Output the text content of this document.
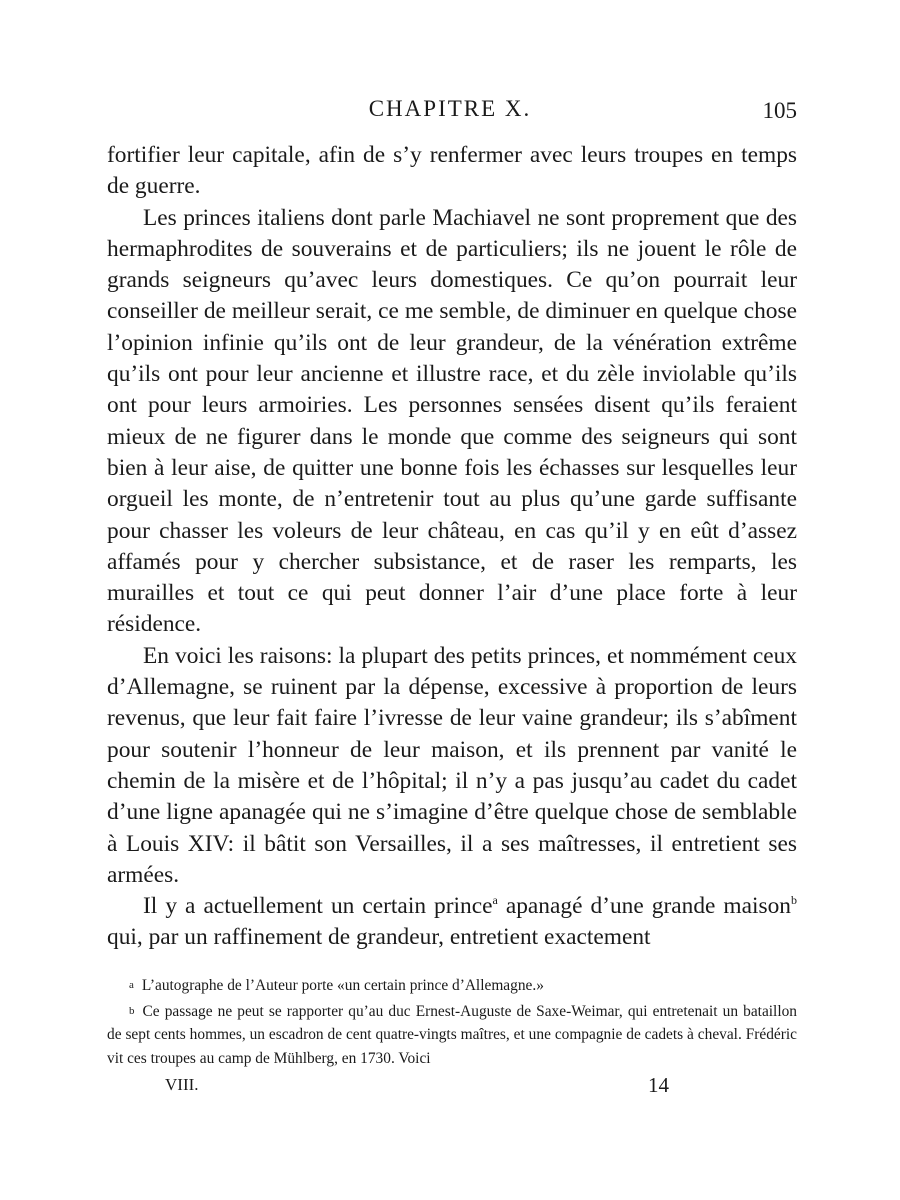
CHAPITRE X.	105

fortifier leur capitale, afin de s’y renfermer avec leurs troupes en temps de guerre.

Les princes italiens dont parle Machiavel ne sont proprement que des hermaphrodites de souverains et de particuliers; ils ne jouent le rôle de grands seigneurs qu’avec leurs domestiques. Ce qu’on pourrait leur conseiller de meilleur serait, ce me semble, de diminuer en quelque chose l’opinion infinie qu’ils ont de leur grandeur, de la vénération extrême qu’ils ont pour leur ancienne et illustre race, et du zèle inviolable qu’ils ont pour leurs armoiries. Les personnes sensées disent qu’ils feraient mieux de ne figurer dans le monde que comme des seigneurs qui sont bien à leur aise, de quitter une bonne fois les échasses sur lesquelles leur orgueil les monte, de n’entretenir tout au plus qu’une garde suffisante pour chasser les voleurs de leur château, en cas qu’il y en eût d’assez affamés pour y chercher subsistance, et de raser les remparts, les murailles et tout ce qui peut donner l’air d’une place forte à leur résidence.

En voici les raisons: la plupart des petits princes, et nommément ceux d’Allemagne, se ruinent par la dépense, excessive à proportion de leurs revenus, que leur fait faire l’ivresse de leur vaine grandeur; ils s’abîment pour soutenir l’honneur de leur maison, et ils prennent par vanité le chemin de la misère et de l’hôpital; il n’y a pas jusqu’au cadet du cadet d’une ligne apanagée qui ne s’imagine d’être quelque chose de semblable à Louis XIV: il bâtit son Versailles, il a ses maîtresses, il entretient ses armées.

Il y a actuellement un certain prince$^a$ apanagé d’une grande maison$^b$ qui, par un raffinement de grandeur, entretient exactement

a L’autographe de l’Auteur porte «un certain prince d’Allemagne.»

b Ce passage ne peut se rapporter qu’au duc Ernest-Auguste de Saxe-Weimar, qui entretenait un bataillon de sept cents hommes, un escadron de cent quatre-vingts maîtres, et une compagnie de cadets à cheval. Frédéric vit ces troupes au camp de Mühlberg, en 1730. Voici

VIII.	14
